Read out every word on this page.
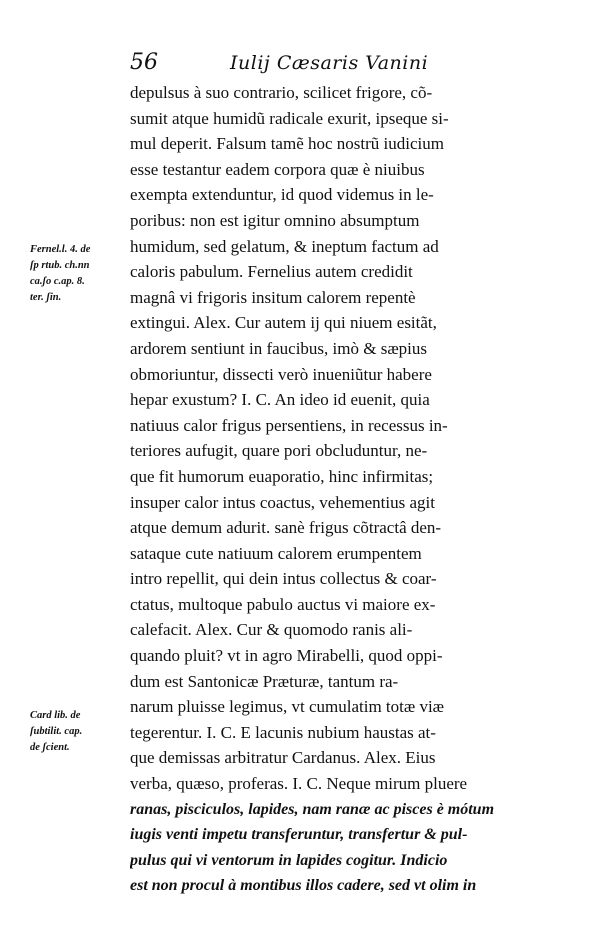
56	Iulij Cæsaris Vanini
Fernel.l. 4. de
ʃp rtub. ch.nn
ca.ʃo c.ap. 8.
ter. ʃin.
Card lib. de
ʃubtilit. cap.
de ʃcient.
depulsus à suo contrario, scilicet frigore, cõ-
sumit atque humidũ radicale exurit, ipseque si-
mul deperit. Falsum tamẽ hoc nostrũ iudicium
esse testantur eadem corpora quæ è niuibus
exempta extenduntur, id quod videmus in le-
poribus: non est igitur omnino absumptum
humidum, sed gelatum, & ineptum factum ad
caloris pabulum. Fernelius autem credidit
magnâ vi frigoris insitum calorem repentè
extingui. Alex. Cur autem ij qui niuem esitãt,
ardorem sentiunt in faucibus, imò & sæpius
obmoriuntur, dissecti verò inueniũtur habere
hepar exustum? I. C. An ideo id euenit, quia
natiuus calor frigus persentiens, in recessus in-
teriores aufugit, quare pori obcluduntur, ne-
que fit humorum euaporatio, hinc infirmitas;
insuper calor intus coactus, vehementius agit
atque demum adurit. sanè frigus cõtractâ den-
sataque cute natiuum calorem erumpentem
intro repellit, qui dein intus collectus & coar-
ctatus, multoque pabulo auctus vi maiore ex-
calefacit. Alex. Cur & quomodo ranis ali-
quando pluit? vt in agro Mirabelli, quod oppi-
dum est Santonicæ Præturæ, tantum ra-
narum pluisse legimus, vt cumulatim totæ viæ
tegerentur. I. C. E lacunis nubium haustas at-
que demissas arbitratur Cardanus. Alex. Eius
verba, quæso, proferas. I. C. Neque mirum pluere
ranas, pisciculos, lapides, nam ranæ ac pisces è mótum
iugis venti impetu transferuntur, transfertur & pul-
pulus qui vi ventorum in lapides cogitur. Indicio
est non procul à montibus illos cadere, sed vt olim in
